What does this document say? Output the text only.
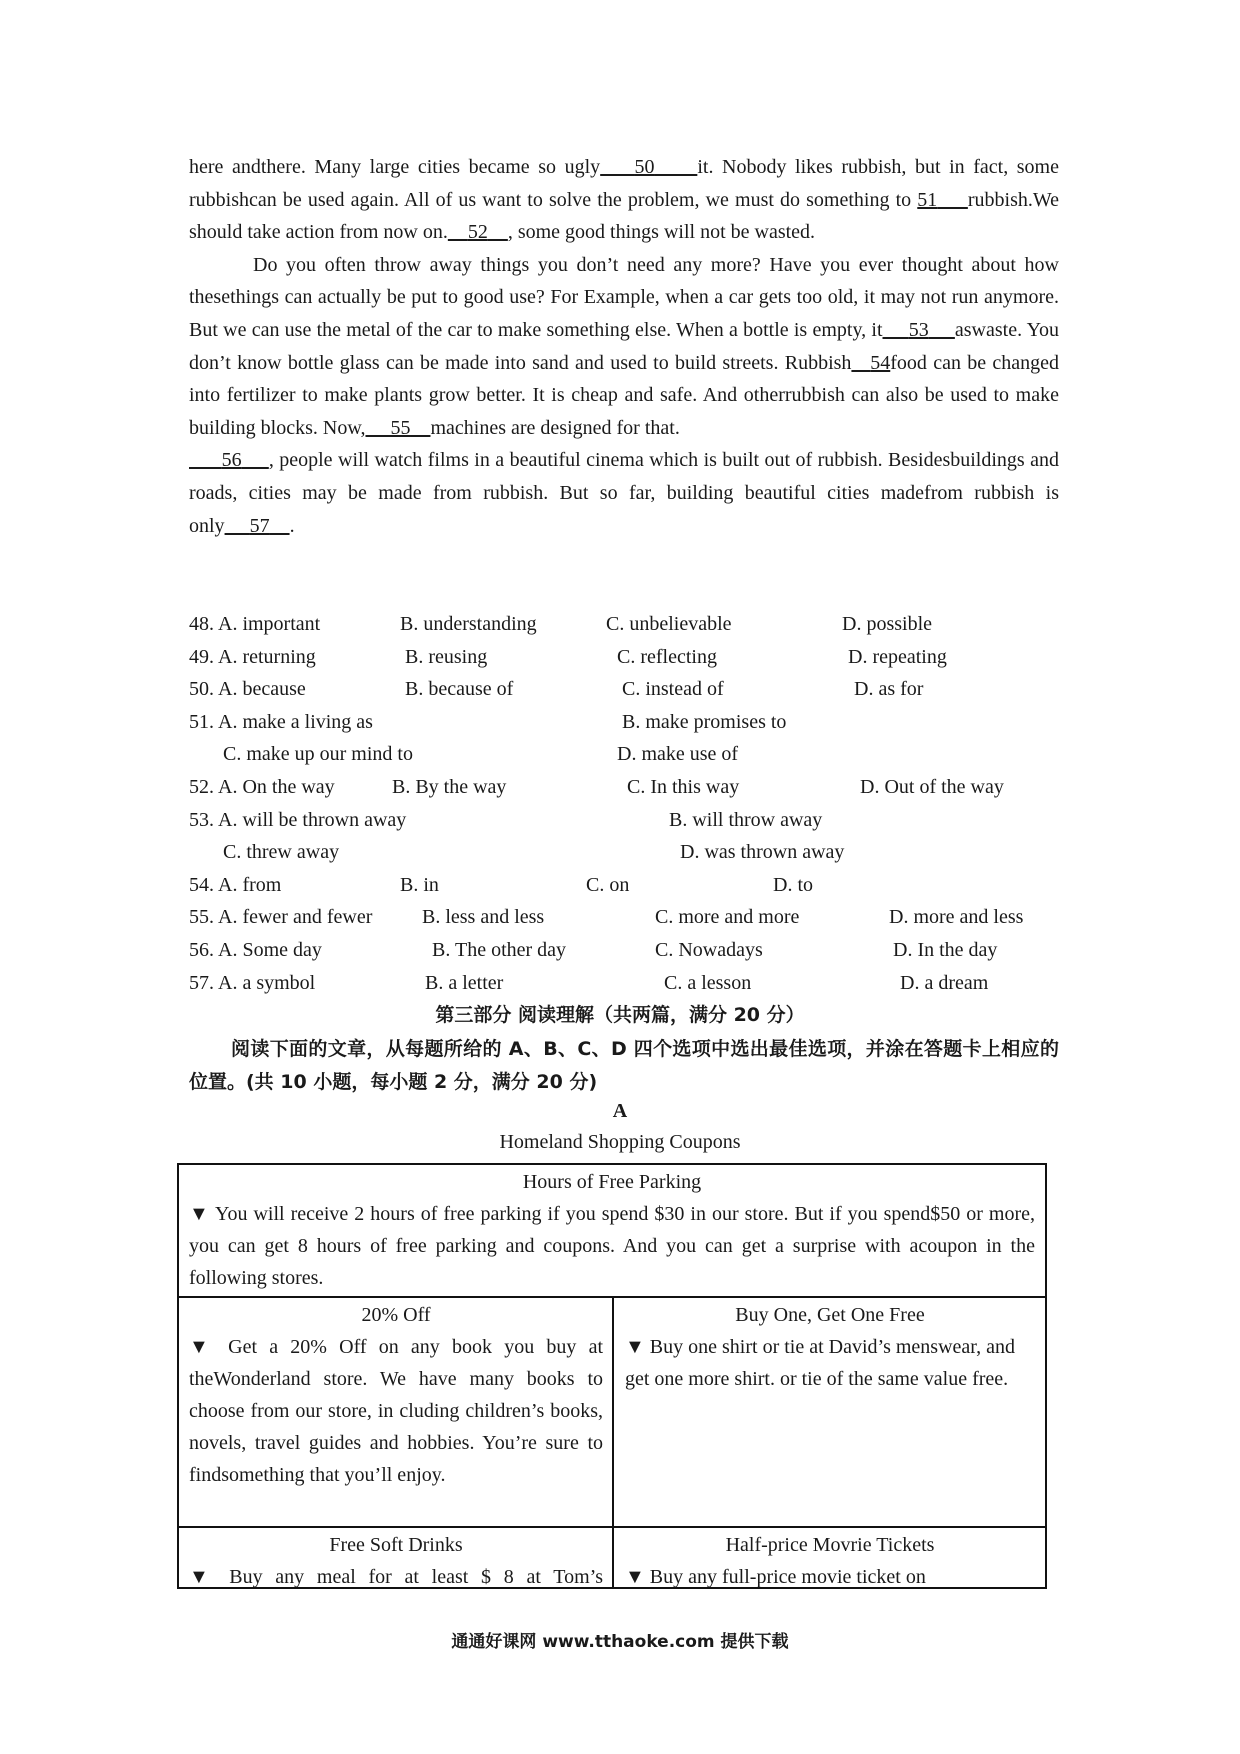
here andthere. Many large cities became so ugly 50 it. Nobody likes rubbish, but in fact, some rubbishcan be used again. All of us want to solve the problem, we must do something to 51 rubbish.We should take action from now on. 52 , some good things will not be wasted.

Do you often throw away things you don’t need any more? Have you ever thought about how thesethings can actually be put to good use? For Example, when a car gets too old, it may not run anymore. But we can use the metal of the car to make something else. When a bottle is empty, it 53 aswaste. You don’t know bottle glass can be made into sand and used to build streets. Rubbish 54food can be changed into fertilizer to make plants grow better. It is cheap and safe. And otherrubbish can also be used to make building blocks. Now, 55 machines are designed for that.

56 , people will watch films in a beautiful cinema which is built out of rubbish. Besidesbuildings and roads, cities may be made from rubbish. But so far, building beautiful cities madefrom rubbish is only 57 .

48. A. important	B. understanding	C. unbelievable	D. possible
49. A. returning	B. reusing	C. reflecting	D. repeating
50. A. because	B. because of	C. instead of	D. as for
51. A. make a living as	B. make promises to
C. make up our mind to	D. make use of
52. A. On the way	B. By the way	C. In this way	D. Out of the way
53. A. will be thrown away	B. will throw away
C. threw away	D. was thrown away
54. A. from	B. in	C. on	D. to
55. A. fewer and fewer B. less and less	C. more and more	D. more and less
56. A. Some day	B. The other day	C. Nowadays	D. In the day
57. A. a symbol	B. a letter	C. a lesson	D. a dream
第三部分 阅读理解（共两篇，满分 20 分）
阅读下面的文章，从每题所给的 A、B、C、D 四个选项中选出最佳选项，并涂在答题卡上相应的位置。(共 10 小题，每小题 2 分，满分 20 分)
A
Homeland Shopping Coupons
Hours of Free Parking
▼ You will receive 2 hours of free parking if you spend $30 in our store. But if you spend$50 or more, you can get 8 hours of free parking and coupons. And you can get a surprise with acoupon in the following stores.
20% Off
▼ Get a 20% Off on any book you buy at theWonderland store. We have many books to choose from our store, in cluding children’s books, novels, travel guides and hobbies. You’re sure to findsomething that you’ll enjoy.
Buy One, Get One Free
▼ Buy one shirt or tie at David’s menswear, and get one more shirt. or tie of the same value free.
Free Soft Drinks
▼ Buy any meal for at least $ 8 at Tom’s
Half-price Movrie Tickets
▼ Buy any full-price movie ticket on
通通好课网 www.tthaoke.com 提供下载
